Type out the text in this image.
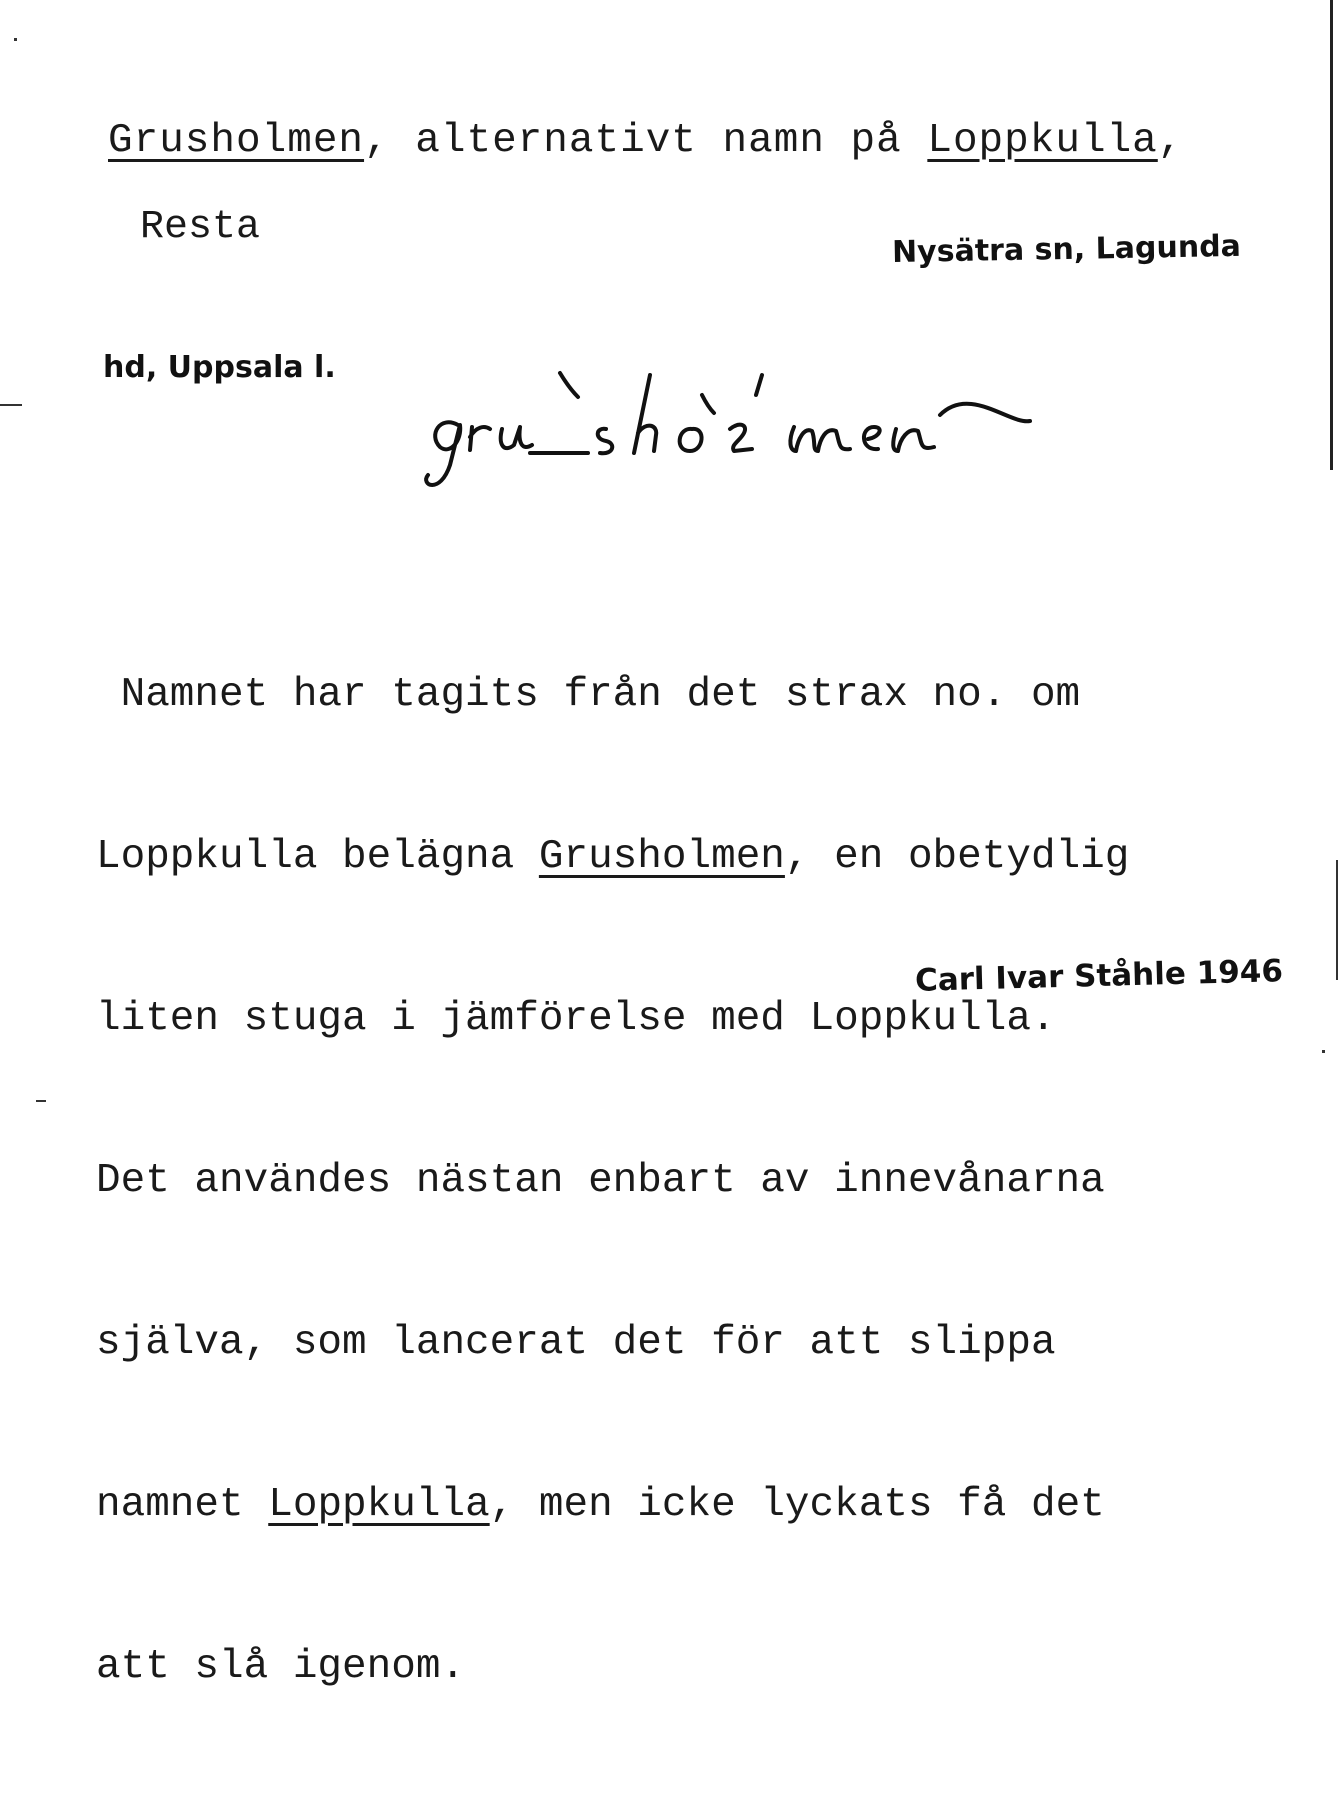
Grusholmen, alternativt namn på Loppkulla,
Resta	Nysätra sn, Lagunda
hd, Uppsala l.

Namnet har tagits från det strax no. om

Loppkulla belägna Grusholmen, en obetydlig

liten stuga i jämförelse med Loppkulla.

Det användes nästan enbart av innevånarna

själva, som lancerat det för att slippa

namnet Loppkulla, men icke lyckats få det

att slå igenom.

Carl Ivar Ståhle 1946
